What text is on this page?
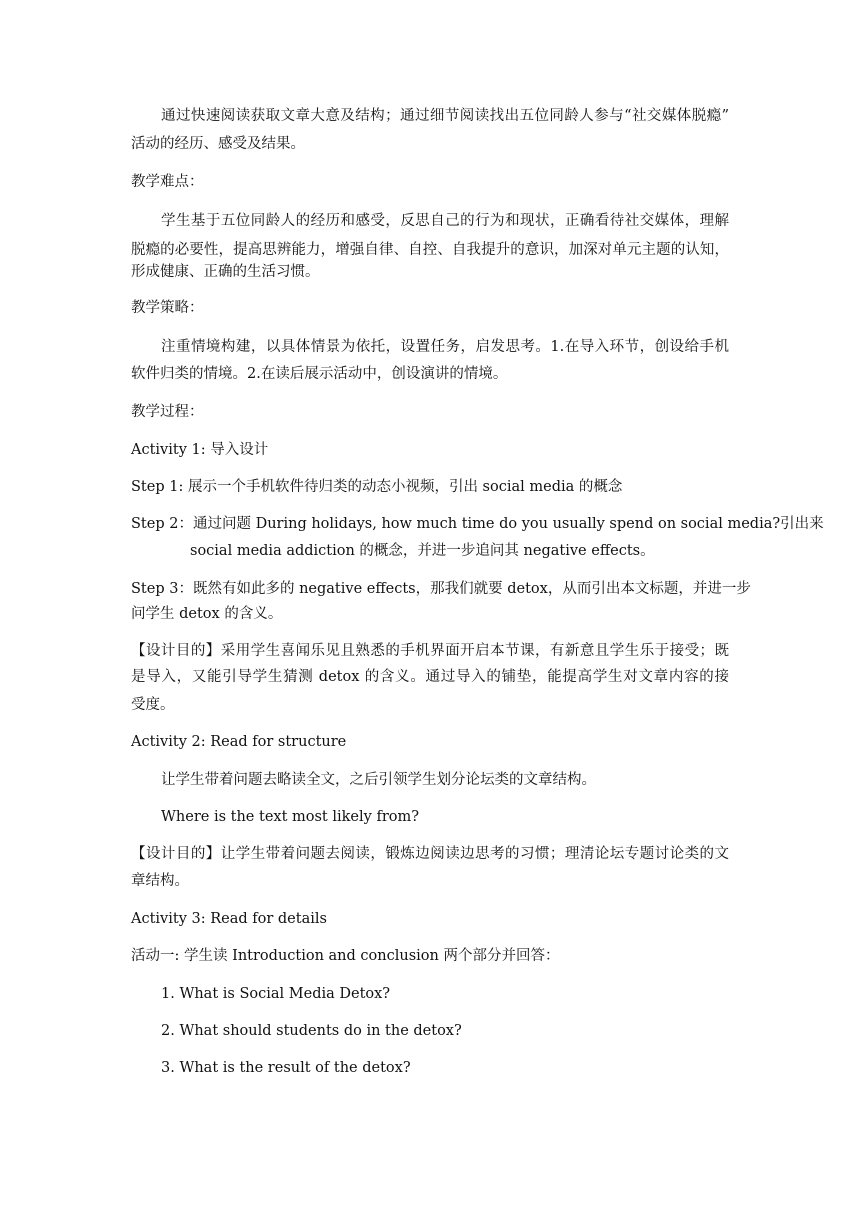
通过快速阅读获取文章大意及结构；通过细节阅读找出五位同龄人参与“社交媒体脱瘾”

活动的经历、感受及结果。

教学难点：

学生基于五位同龄人的经历和感受，反思自己的行为和现状，正确看待社交媒体，理解

脱瘾的必要性，提高思辨能力，增强自律、自控、自我提升的意识，加深对单元主题的认知，

形成健康、正确的生活习惯。

教学策略：

注重情境构建，以具体情景为依托，设置任务，启发思考。1.在导入环节，创设给手机

软件归类的情境。2.在读后展示活动中，创设演讲的情境。

教学过程：

Activity 1: 导入设计

Step 1: 展示一个手机软件待归类的动态小视频，引出 social media 的概念

Step 2：通过问题 During holidays, how much time do you usually spend on social media?引出来

social media addiction 的概念，并进一步追问其 negative effects。

Step 3：既然有如此多的 negative effects，那我们就要 detox，从而引出本文标题，并进一步

问学生 detox 的含义。

【设计目的】采用学生喜闻乐见且熟悉的手机界面开启本节课，有新意且学生乐于接受；既

是导入，又能引导学生猜测 detox 的含义。通过导入的铺垫，能提高学生对文章内容的接

受度。

Activity 2: Read for structure

让学生带着问题去略读全文，之后引领学生划分论坛类的文章结构。

Where is the text most likely from?

【设计目的】让学生带着问题去阅读，锻炼边阅读边思考的习惯；理清论坛专题讨论类的文

章结构。

Activity 3: Read for details

活动一: 学生读 Introduction and conclusion 两个部分并回答：

1. What is Social Media Detox?

2. What should students do in the detox?

3. What is the result of the detox?
